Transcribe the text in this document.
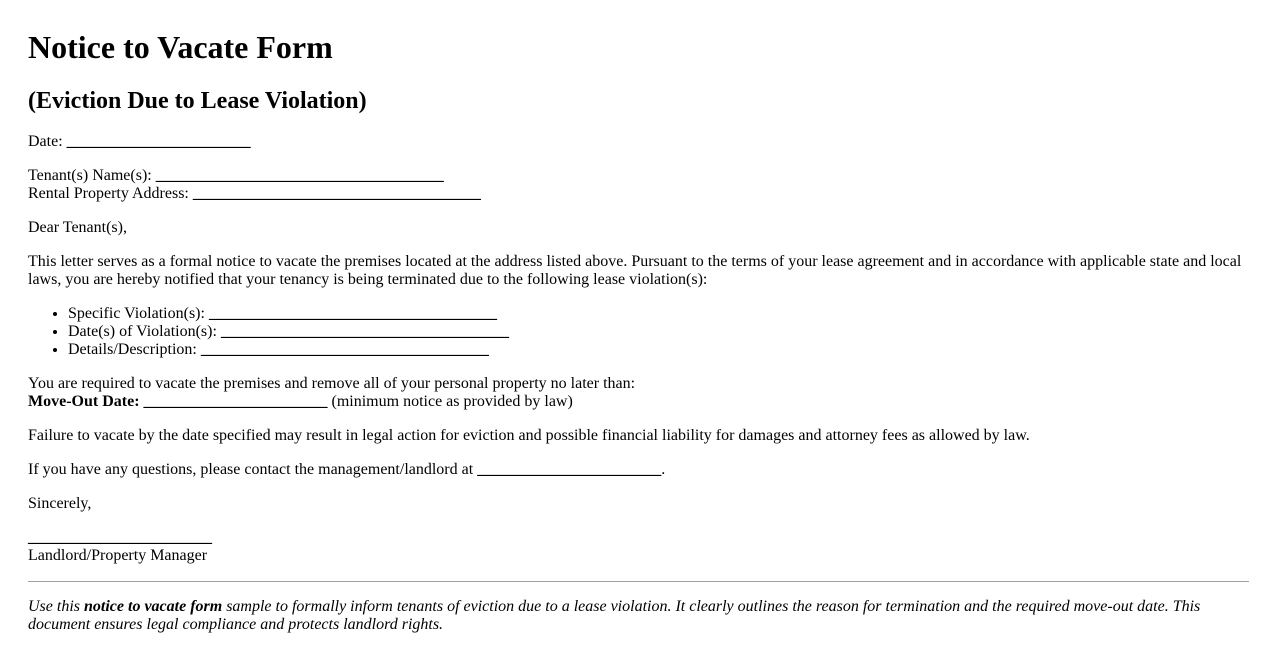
Notice to Vacate Form
(Eviction Due to Lease Violation)

Date: _______________________

Tenant(s) Name(s): ____________________________________
Rental Property Address: ____________________________________

Dear Tenant(s),

This letter serves as a formal notice to vacate the premises located at the address listed above. Pursuant to the terms of your lease agreement and in accordance with applicable state and local laws, you are hereby notified that your tenancy is being terminated due to the following lease violation(s):

• Specific Violation(s): ____________________________________
• Date(s) of Violation(s): ____________________________________
• Details/Description: ____________________________________

You are required to vacate the premises and remove all of your personal property no later than:
Move-Out Date: _______________________ (minimum notice as provided by law)

Failure to vacate by the date specified may result in legal action for eviction and possible financial liability for damages and attorney fees as allowed by law.

If you have any questions, please contact the management/landlord at _______________________.

Sincerely,

_______________________
Landlord/Property Manager

Use this notice to vacate form sample to formally inform tenants of eviction due to a lease violation. It clearly outlines the reason for termination and the required move-out date. This document ensures legal compliance and protects landlord rights.
